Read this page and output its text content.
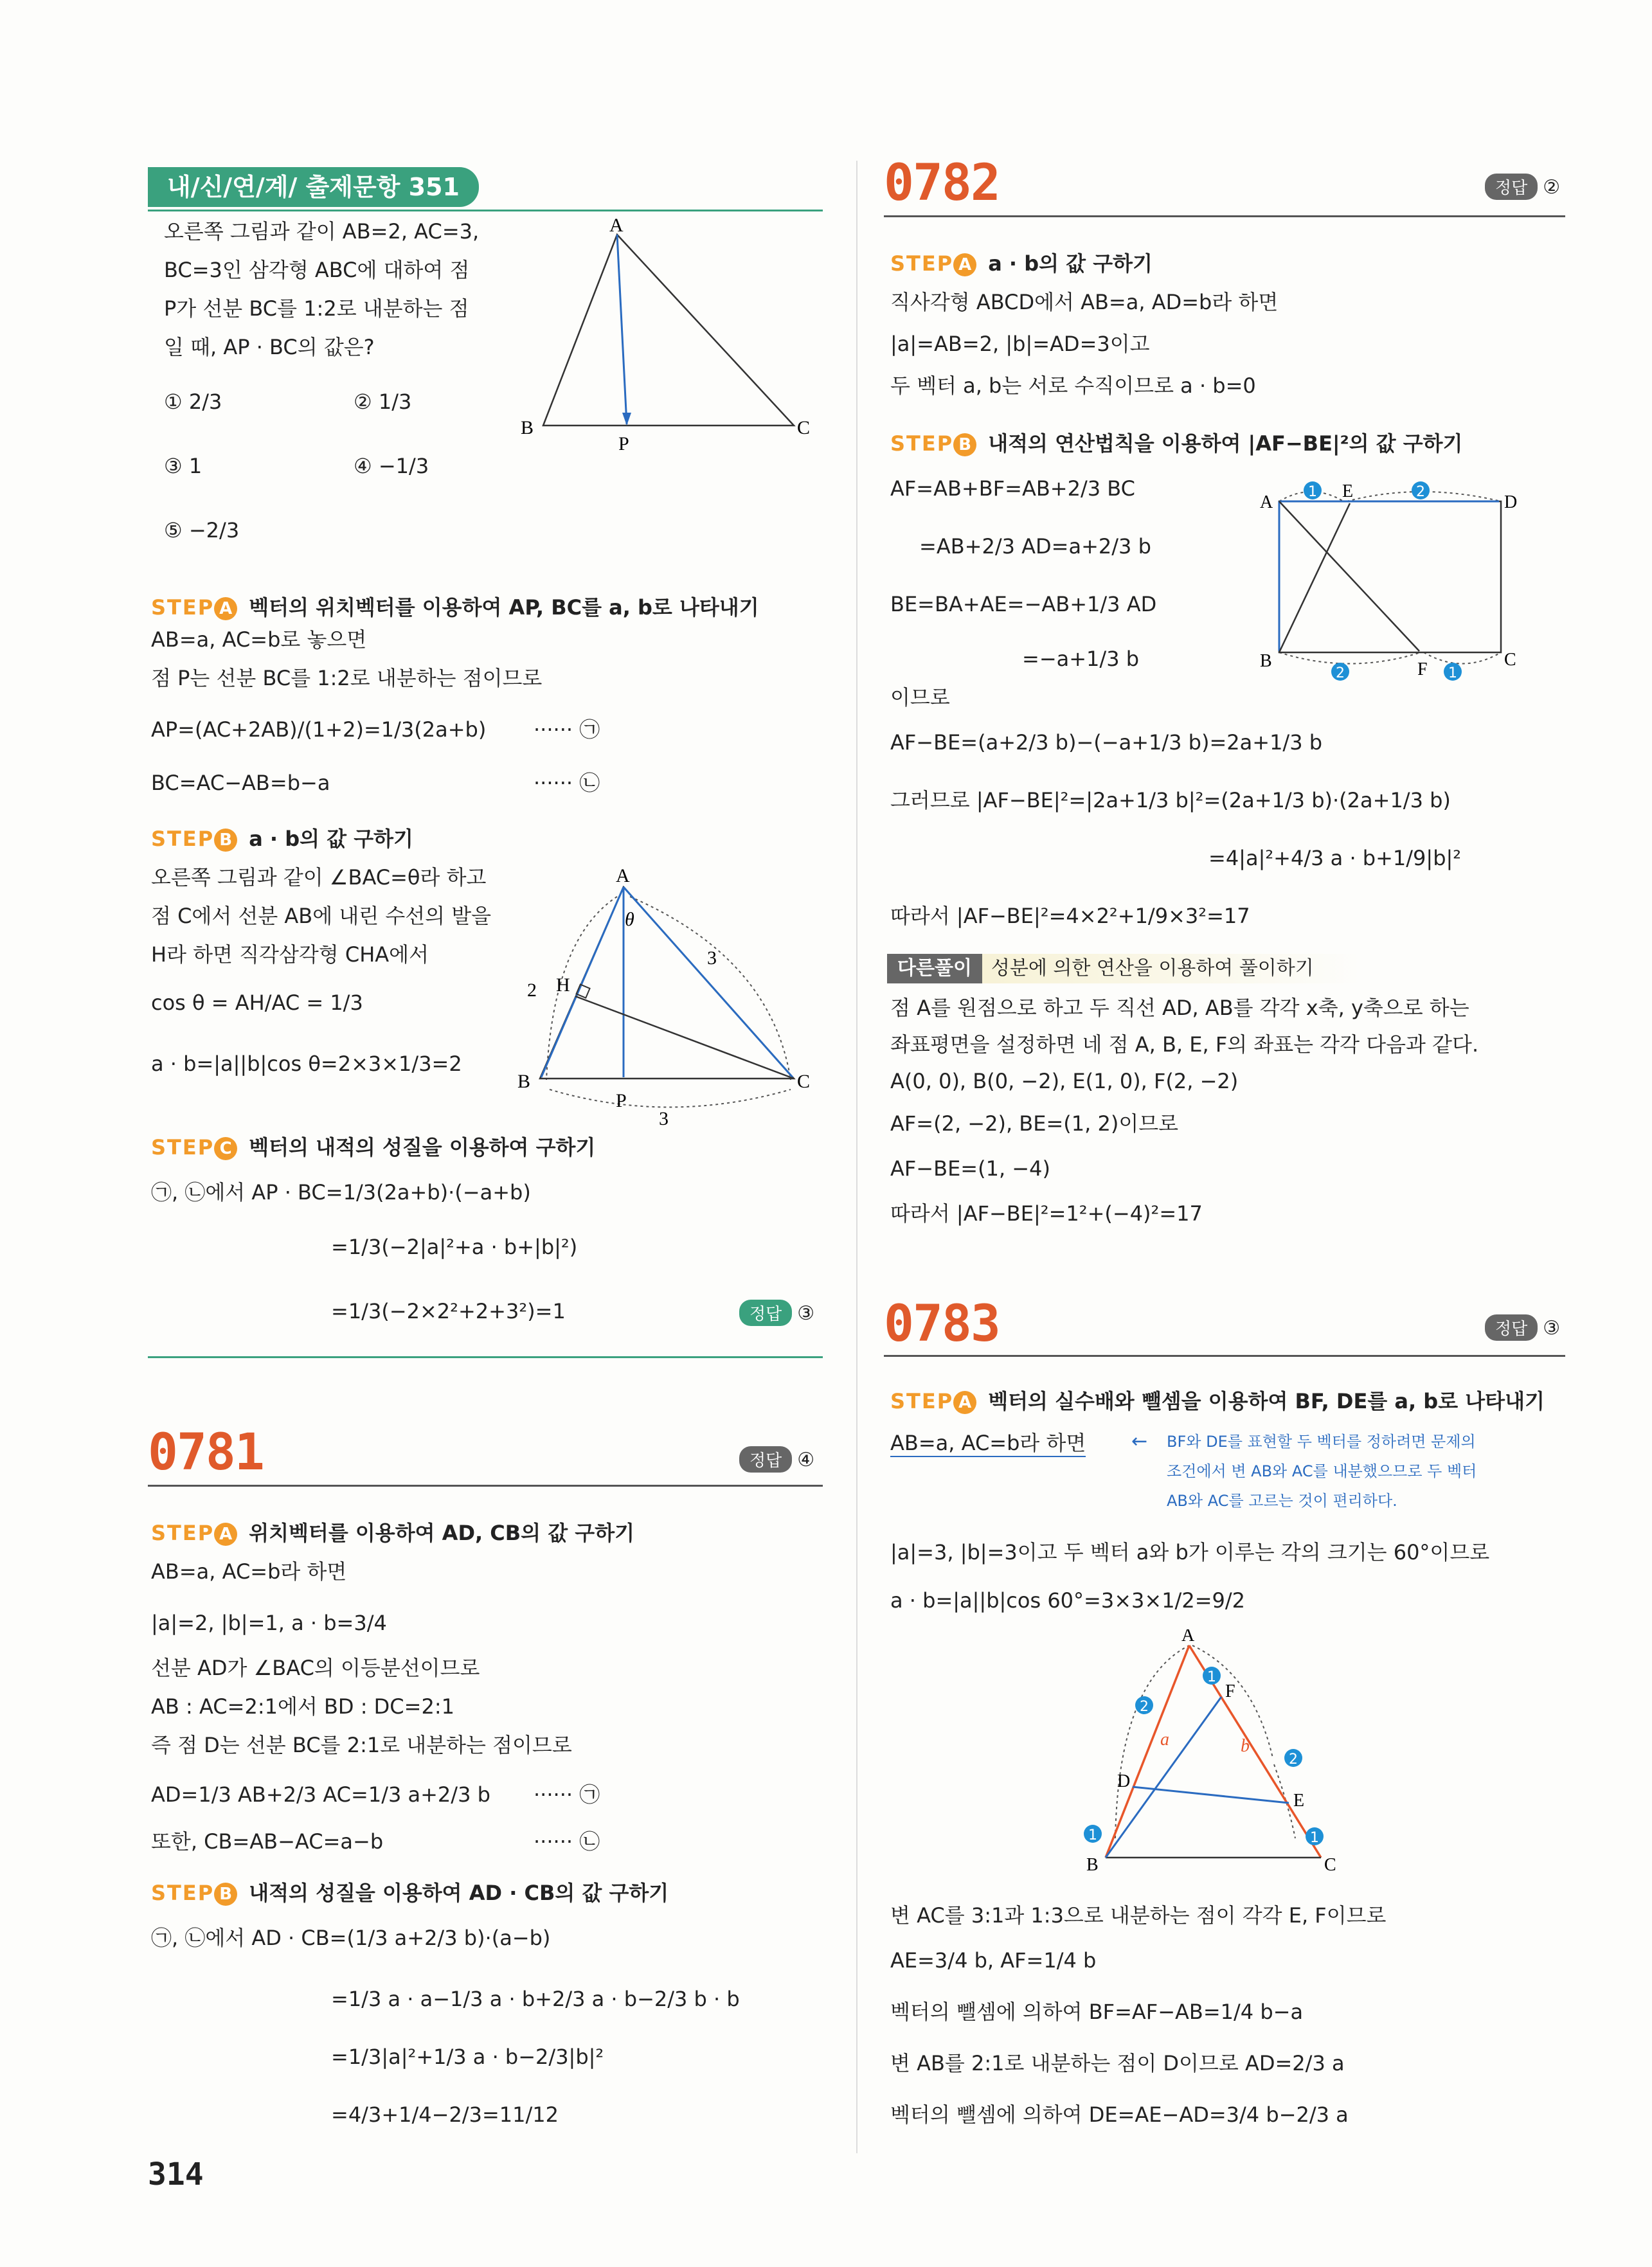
내/신/연/계/ 출제문항 351
오른쪽 그림과 같이 AB=2, AC=3,
BC=3인 삼각형 ABC에 대하여 점
P가 선분 BC를 1:2로 내분하는 점
일 때, AP · BC의 값은?
① 2/3	② 1/3
③ 1	④ −1/3
⑤ −2/3
A
B	C
P
STEP A 벡터의 위치벡터를 이용하여 AP, BC를 a, b로 나타내기
AB=a, AC=b로 놓으면
점 P는 선분 BC를 1:2로 내분하는 점이므로
AP=(AC+2AB)/(1+2)=1/3(2a+b) ······ ㉠
BC=AC−AB=b−a	······ ㉡
STEP B a · b의 값 구하기
오른쪽 그림과 같이 ∠BAC=θ라 하고
점 C에서 선분 AB에 내린 수선의 발을
H라 하면 직각삼각형 CHA에서
cos θ = AH/AC = 1/3
a · b=|a||b|cos θ=2×3×1/3=2
A
B	C
P
H
θ
2
3
3
STEP C 벡터의 내적의 성질을 이용하여 구하기
㉠, ㉡에서 AP · BC=1/3(2a+b)·(−a+b)
=1/3(−2|a|²+a · b+|b|²)
=1/3(−2×2²+2+3²)=1	정답 ③
0781	정답 ④
STEP A 위치벡터를 이용하여 AD, CB의 값 구하기
AB=a, AC=b라 하면
|a|=2, |b|=1, a · b=3/4
선분 AD가 ∠BAC의 이등분선이므로
AB : AC=2:1에서 BD : DC=2:1
즉 점 D는 선분 BC를 2:1로 내분하는 점이므로
AD=1/3 AB+2/3 AC=1/3 a+2/3 b ······ ㉠
또한, CB=AB−AC=a−b	······ ㉡
STEP B 내적의 성질을 이용하여 AD · CB의 값 구하기
㉠, ㉡에서 AD · CB=(1/3 a+2/3 b)·(a−b)
=1/3 a · a−1/3 a · b+2/3 a · b−2/3 b · b
=1/3|a|²+1/3 a · b−2/3|b|²
=4/3+1/4−2/3=11/12
314
0782	정답 ②
STEP A a · b의 값 구하기
직사각형 ABCD에서 AB=a, AD=b라 하면
|a|=AB=2, |b|=AD=3이고
두 벡터 a, b는 서로 수직이므로 a · b=0
STEP B 내적의 연산법칙을 이용하여 |AF−BE|²의 값 구하기
AF=AB+BF=AB+2/3 BC
=AB+2/3 AD=a+2/3 b
BE=BA+AE=−AB+1/3 AD
=−a+1/3 b
이므로
AF−BE=(a+2/3 b)−(−a+1/3 b)=2a+1/3 b
그러므로 |AF−BE|²=|2a+1/3 b|²=(2a+1/3 b)·(2a+1/3 b)
=4|a|²+4/3 a · b+1/9|b|²
따라서 |AF−BE|²=4×2²+1/9×3²=17
A
B	C
D
E
F
1	2
2	1
다른풀이 성분에 의한 연산을 이용하여 풀이하기
점 A를 원점으로 하고 두 직선 AD, AB를 각각 x축, y축으로 하는
좌표평면을 설정하면 네 점 A, B, E, F의 좌표는 각각 다음과 같다.
A(0, 0), B(0, −2), E(1, 0), F(2, −2)
AF=(2, −2), BE=(1, 2)이므로
AF−BE=(1, −4)
따라서 |AF−BE|²=1²+(−4)²=17
0783	정답 ③
STEP A 벡터의 실수배와 뺄셈을 이용하여 BF, DE를 a, b로 나타내기
AB=a, AC=b라 하면 ← BF와 DE를 표현할 두 벡터를 정하려면 문제의
조건에서 변 AB와 AC를 내분했으므로 두 벡터
AB와 AC를 고르는 것이 편리하다.
|a|=3, |b|=3이고 두 벡터 a와 b가 이루는 각의 크기는 60°이므로
a · b=|a||b|cos 60°=3×3×1/2=9/2
A
B	C
D
E
F
a	b
1
2
2
1
1
변 AC를 3:1과 1:3으로 내분하는 점이 각각 E, F이므로
AE=3/4 b, AF=1/4 b
벡터의 뺄셈에 의하여 BF=AF−AB=1/4 b−a
변 AB를 2:1로 내분하는 점이 D이므로 AD=2/3 a
벡터의 뺄셈에 의하여 DE=AE−AD=3/4 b−2/3 a
